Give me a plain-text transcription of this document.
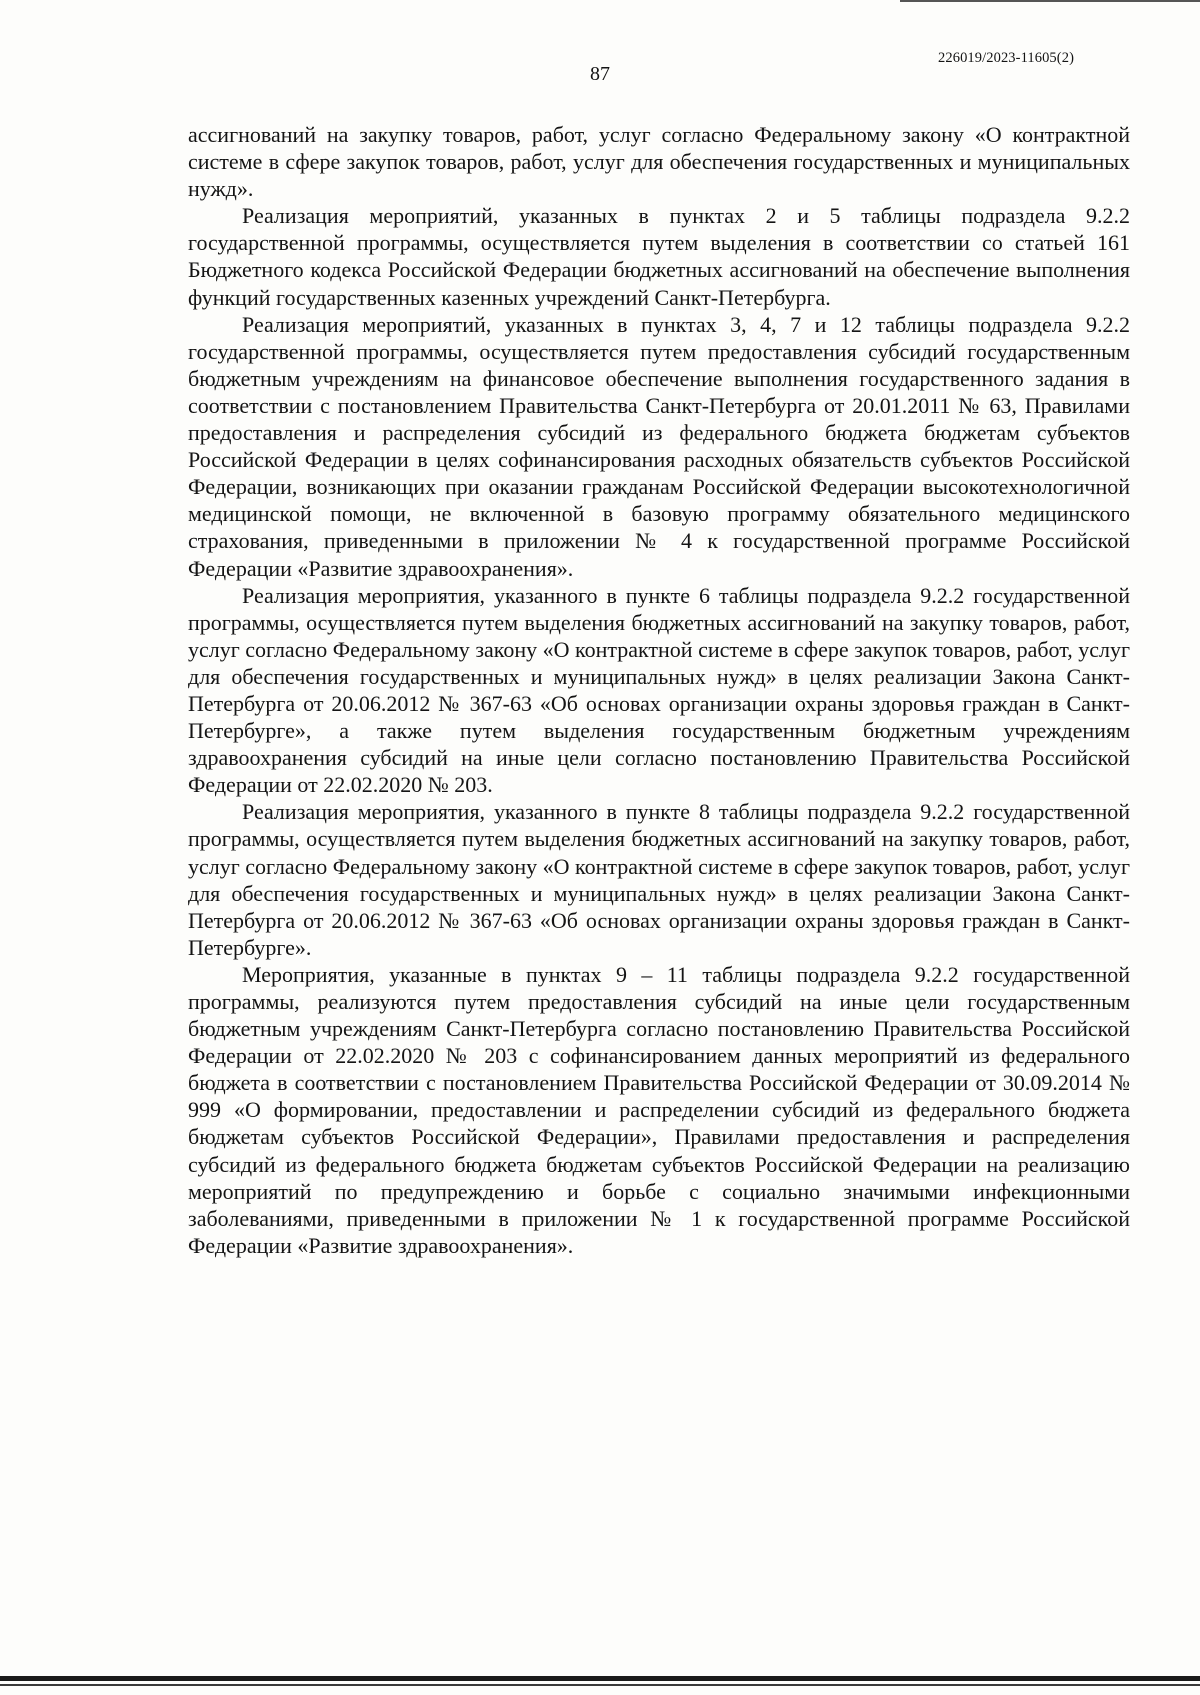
226019/2023-11605(2)
87

ассигнований на закупку товаров, работ, услуг согласно Федеральному закону «О контрактной системе в сфере закупок товаров, работ, услуг для обеспечения государственных и муниципальных нужд».

Реализация мероприятий, указанных в пунктах 2 и 5 таблицы подраздела 9.2.2 государственной программы, осуществляется путем выделения в соответствии со статьей 161 Бюджетного кодекса Российской Федерации бюджетных ассигнований на обеспечение выполнения функций государственных казенных учреждений Санкт-Петербурга.

Реализация мероприятий, указанных в пунктах 3, 4, 7 и 12 таблицы подраздела 9.2.2 государственной программы, осуществляется путем предоставления субсидий государственным бюджетным учреждениям на финансовое обеспечение выполнения государственного задания в соответствии с постановлением Правительства Санкт-Петербурга от 20.01.2011 № 63, Правилами предоставления и распределения субсидий из федерального бюджета бюджетам субъектов Российской Федерации в целях софинансирования расходных обязательств субъектов Российской Федерации, возникающих при оказании гражданам Российской Федерации высокотехнологичной медицинской помощи, не включенной в базовую программу обязательного медицинского страхования, приведенными в приложении № 4 к государственной программе Российской Федерации «Развитие здравоохранения».

Реализация мероприятия, указанного в пункте 6 таблицы подраздела 9.2.2 государственной программы, осуществляется путем выделения бюджетных ассигнований на закупку товаров, работ, услуг согласно Федеральному закону «О контрактной системе в сфере закупок товаров, работ, услуг для обеспечения государственных и муниципальных нужд» в целях реализации Закона Санкт-Петербурга от 20.06.2012 № 367-63 «Об основах организации охраны здоровья граждан в Санкт-Петербурге», а также путем выделения государственным бюджетным учреждениям здравоохранения субсидий на иные цели согласно постановлению Правительства Российской Федерации от 22.02.2020 № 203.

Реализация мероприятия, указанного в пункте 8 таблицы подраздела 9.2.2 государственной программы, осуществляется путем выделения бюджетных ассигнований на закупку товаров, работ, услуг согласно Федеральному закону «О контрактной системе в сфере закупок товаров, работ, услуг для обеспечения государственных и муниципальных нужд» в целях реализации Закона Санкт-Петербурга от 20.06.2012 № 367-63 «Об основах организации охраны здоровья граждан в Санкт-Петербурге».

Мероприятия, указанные в пунктах 9 – 11 таблицы подраздела 9.2.2 государственной программы, реализуются путем предоставления субсидий на иные цели государственным бюджетным учреждениям Санкт-Петербурга согласно постановлению Правительства Российской Федерации от 22.02.2020 № 203 с софинансированием данных мероприятий из федерального бюджета в соответствии с постановлением Правительства Российской Федерации от 30.09.2014 № 999 «О формировании, предоставлении и распределении субсидий из федерального бюджета бюджетам субъектов Российской Федерации», Правилами предоставления и распределения субсидий из федерального бюджета бюджетам субъектов Российской Федерации на реализацию мероприятий по предупреждению и борьбе с социально значимыми инфекционными заболеваниями, приведенными в приложении № 1 к государственной программе Российской Федерации «Развитие здравоохранения».
